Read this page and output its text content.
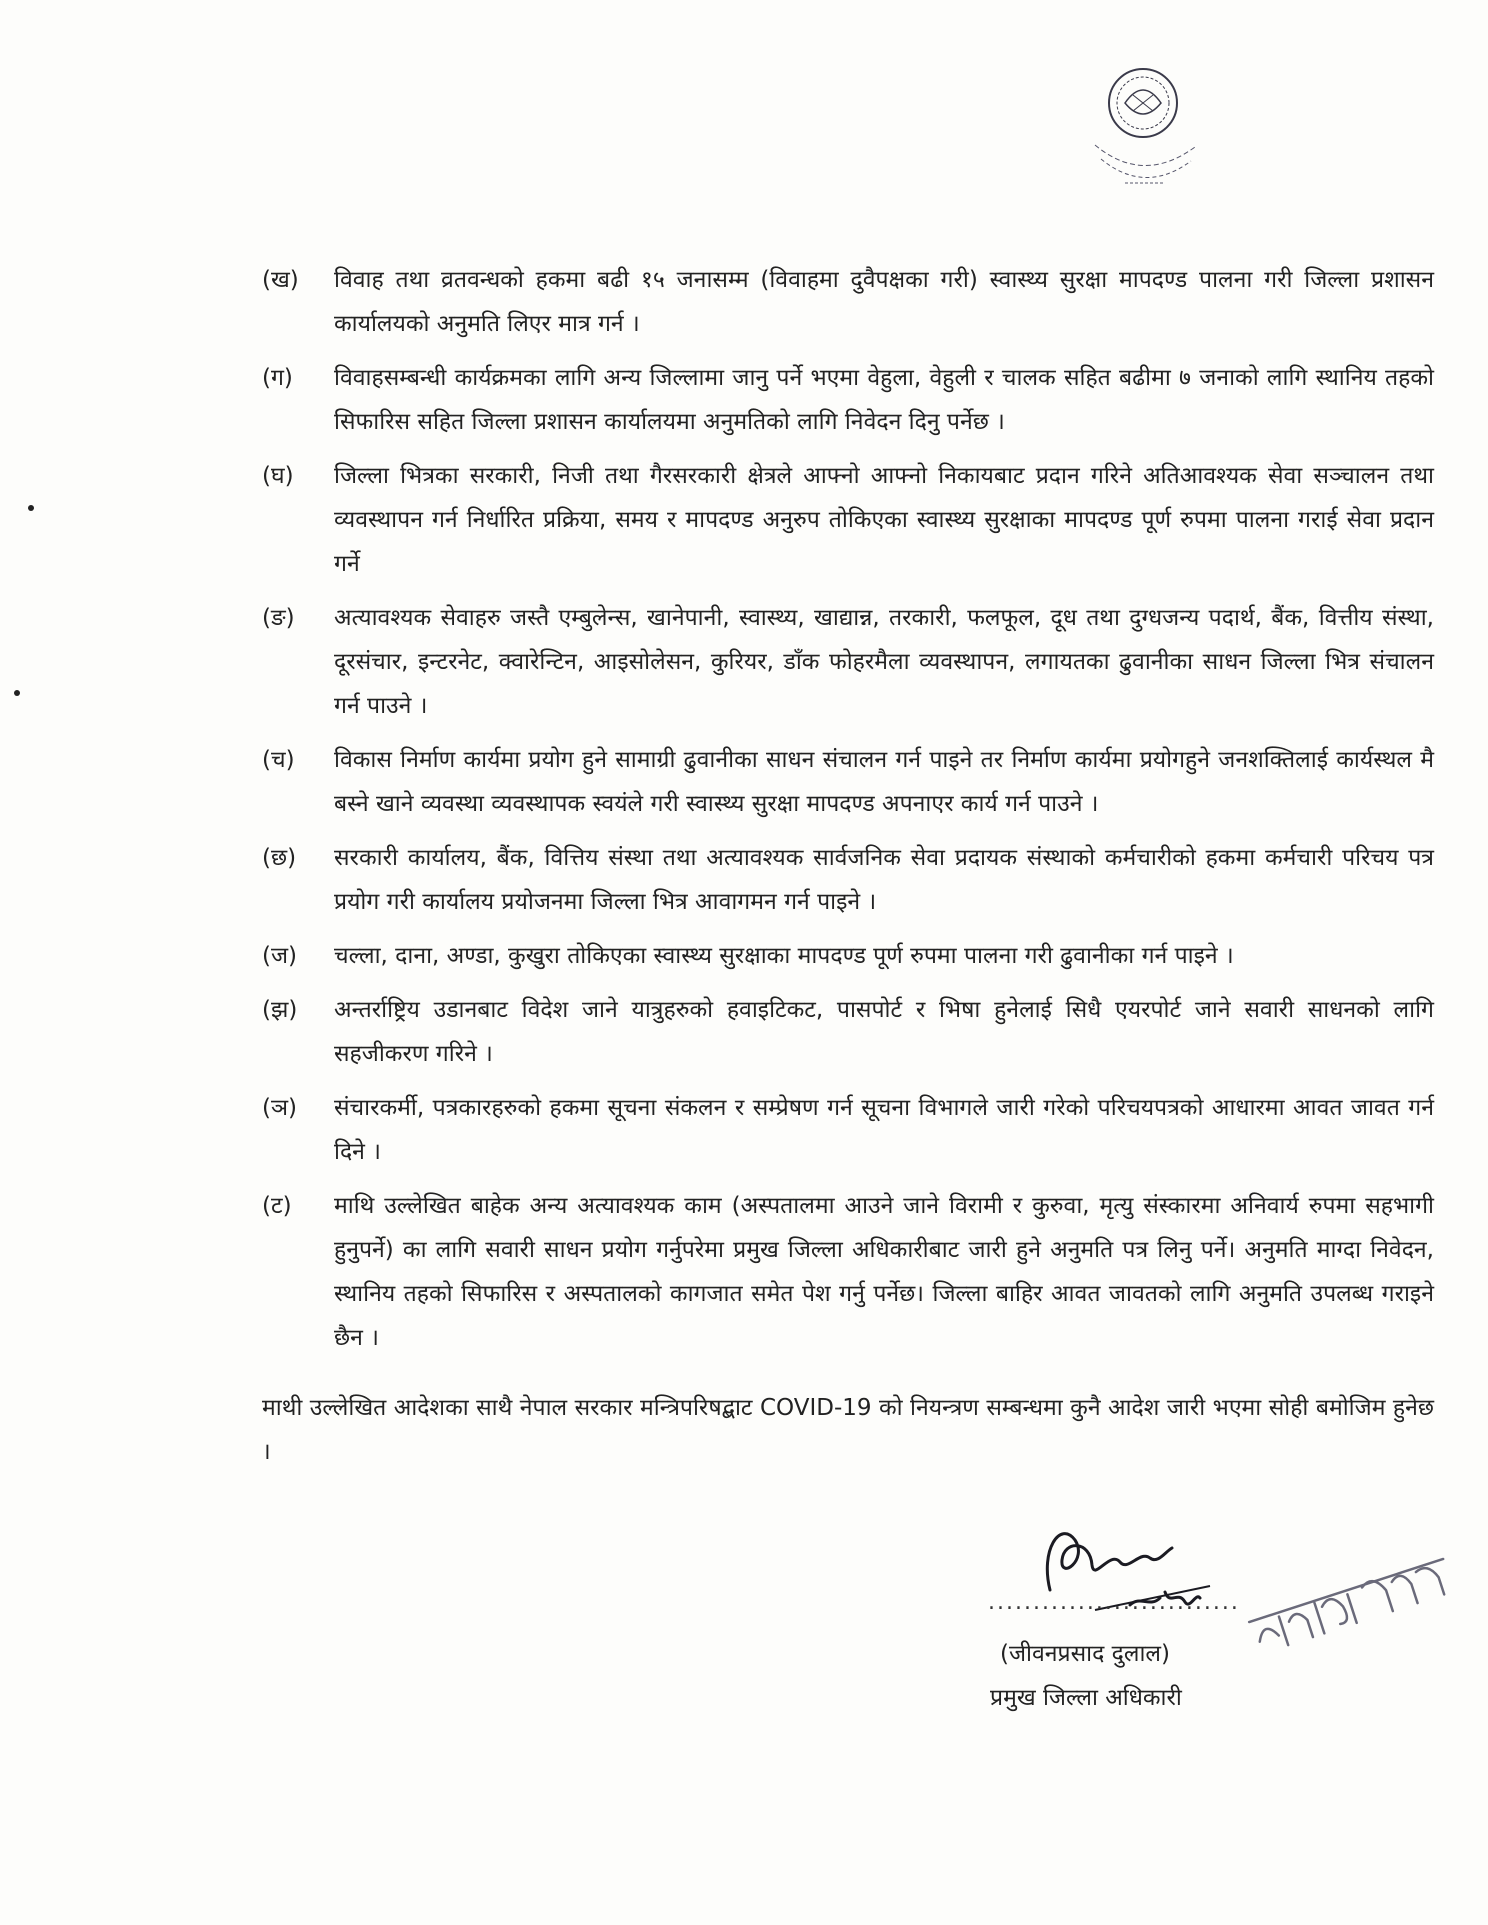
(ख)	विवाह तथा व्रतवन्धको हकमा बढी १५ जनासम्म (विवाहमा दुवैपक्षका गरी) स्वास्थ्य सुरक्षा मापदण्ड पालना गरी जिल्ला प्रशासन कार्यालयको अनुमति लिएर मात्र गर्न ।
(ग)	विवाहसम्बन्धी कार्यक्रमका लागि अन्य जिल्लामा जानु पर्ने भएमा वेहुला, वेहुली र चालक सहित बढीमा ७ जनाको लागि स्थानिय तहको सिफारिस सहित जिल्ला प्रशासन कार्यालयमा अनुमतिको लागि निवेदन दिनु पर्नेछ ।
(घ)	जिल्ला भित्रका सरकारी, निजी तथा गैरसरकारी क्षेत्रले आफ्नो आफ्नो निकायबाट प्रदान गरिने अतिआवश्यक सेवा सञ्चालन तथा व्यवस्थापन गर्न निर्धारित प्रक्रिया, समय र मापदण्ड अनुरुप तोकिएका स्वास्थ्य सुरक्षाका मापदण्ड पूर्ण रुपमा पालना गराई सेवा प्रदान गर्ने
(ङ)	अत्यावश्यक सेवाहरु जस्तै एम्बुलेन्स, खानेपानी, स्वास्थ्य, खाद्यान्न, तरकारी, फलफूल, दूध तथा दुग्धजन्य पदार्थ, बैंक, वित्तीय संस्था, दूरसंचार, इन्टरनेट, क्वारेन्टिन, आइसोलेसन, कुरियर, डाँक फोहरमैला व्यवस्थापन, लगायतका ढुवानीका साधन जिल्ला भित्र संचालन गर्न पाउने ।
(च)	विकास निर्माण कार्यमा प्रयोग हुने सामाग्री ढुवानीका साधन संचालन गर्न पाइने तर निर्माण कार्यमा प्रयोगहुने जनशक्तिलाई कार्यस्थल मै बस्ने खाने व्यवस्था व्यवस्थापक स्वयंले गरी स्वास्थ्य सुरक्षा मापदण्ड अपनाएर कार्य गर्न पाउने ।
(छ)	सरकारी कार्यालय, बैंक, वित्तिय संस्था तथा अत्यावश्यक सार्वजनिक सेवा प्रदायक संस्थाको कर्मचारीको हकमा कर्मचारी परिचय पत्र प्रयोग गरी कार्यालय प्रयोजनमा जिल्ला भित्र आवागमन गर्न पाइने ।
(ज)	चल्ला, दाना, अण्डा, कुखुरा तोकिएका स्वास्थ्य सुरक्षाका मापदण्ड पूर्ण रुपमा पालना गरी ढुवानीका गर्न पाइने ।
(झ)	अन्तर्राष्ट्रिय उडानबाट विदेश जाने यात्रुहरुको हवाइटिकट, पासपोर्ट र भिषा हुनेलाई सिधै एयरपोर्ट जाने सवारी साधनको लागि सहजीकरण गरिने ।
(ञ)	संचारकर्मी, पत्रकारहरुको हकमा सूचना संकलन र सम्प्रेषण गर्न सूचना विभागले जारी गरेको परिचयपत्रको आधारमा आवत जावत गर्न दिने ।
(ट)	माथि उल्लेखित बाहेक अन्य अत्यावश्यक काम (अस्पतालमा आउने जाने विरामी र कुरुवा, मृत्यु संस्कारमा अनिवार्य रुपमा सहभागी हुनुपर्ने) का लागि सवारी साधन प्रयोग गर्नुपरेमा प्रमुख जिल्ला अधिकारीबाट जारी हुने अनुमति पत्र लिनु पर्ने। अनुमति माग्दा निवेदन, स्थानिय तहको सिफारिस र अस्पतालको कागजात समेत पेश गर्नु पर्नेछ। जिल्ला बाहिर आवत जावतको लागि अनुमति उपलब्ध गराइने छैन ।
माथी उल्लेखित आदेशका साथै नेपाल सरकार मन्त्रिपरिषद्बाट COVID-19 को नियन्त्रण सम्बन्धमा कुनै आदेश जारी भएमा सोही बमोजिम हुनेछ ।
............................
(जीवनप्रसाद दुलाल)
प्रमुख जिल्ला अधिकारी
